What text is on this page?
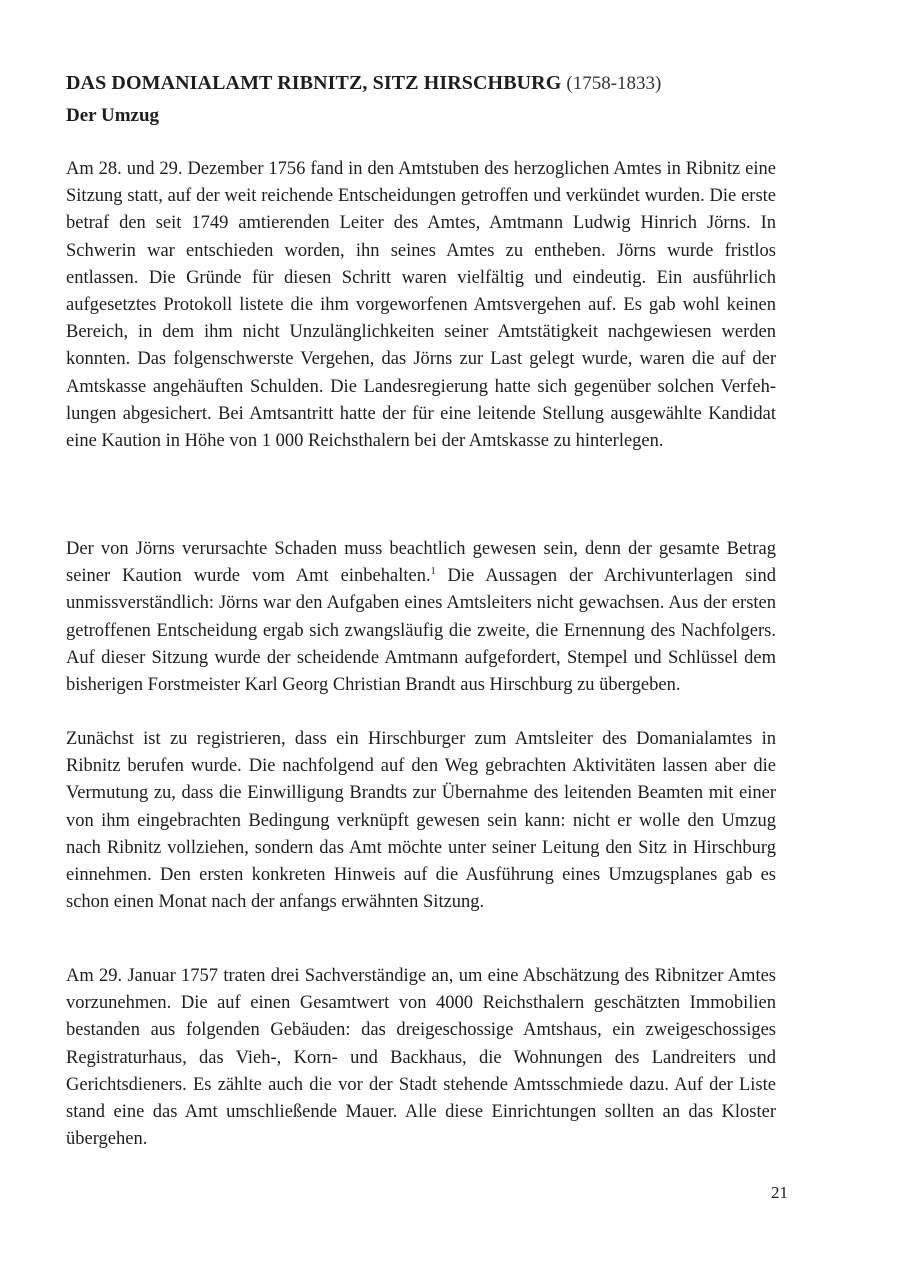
DAS DOMANIALAMT RIBNITZ, SITZ HIRSCHBURG (1758-1833)
Der Umzug

Am 28. und 29. Dezember 1756 fand in den Amtstuben des herzoglichen Amtes in Ribnitz eine Sitzung statt, auf der weit reichende Entscheidungen getroffen und verkündet wurden. Die erste betraf den seit 1749 amtierenden Leiter des Amtes, Amtmann Ludwig Hinrich Jörns. In Schwerin war entschieden worden, ihn seines Amtes zu entheben. Jörns wurde fristlos entlassen. Die Gründe für diesen Schritt waren vielfältig und eindeutig. Ein ausführlich aufgesetztes Protokoll listete die ihm vorgeworfenen Amtsvergehen auf. Es gab wohl keinen Bereich, in dem ihm nicht Unzulänglichkeiten seiner Amtstätigkeit nachgewiesen werden konnten. Das folgenschwerste Vergehen, das Jörns zur Last gelegt wurde, waren die auf der Amtskasse angehäuften Schulden. Die Landesregierung hatte sich gegenüber solchen Verfehlungen abgesichert. Bei Amtsantritt hatte der für eine leitende Stellung ausgewählte Kandidat eine Kaution in Höhe von 1 000 Reichsthalern bei der Amtskasse zu hinterlegen.

Der von Jörns verursachte Schaden muss beachtlich gewesen sein, denn der gesamte Betrag seiner Kaution wurde vom Amt einbehalten.$^1$ Die Aussagen der Archivunterlagen sind unmissverständlich: Jörns war den Aufgaben eines Amtsleiters nicht gewachsen. Aus der ersten getroffenen Entscheidung ergab sich zwangsläufig die zweite, die Ernennung des Nachfolgers. Auf dieser Sitzung wurde der scheidende Amtmann aufgefordert, Stempel und Schlüssel dem bisherigen Forstmeister Karl Georg Christian Brandt aus Hirschburg zu übergeben.

Zunächst ist zu registrieren, dass ein Hirschburger zum Amtsleiter des Domanialamtes in Ribnitz berufen wurde. Die nachfolgend auf den Weg gebrachten Aktivitäten lassen aber die Vermutung zu, dass die Einwilligung Brandts zur Übernahme des leitenden Beamten mit einer von ihm eingebrachten Bedingung verknüpft gewesen sein kann: nicht er wolle den Umzug nach Ribnitz vollziehen, sondern das Amt möchte unter seiner Leitung den Sitz in Hirschburg einnehmen. Den ersten konkreten Hinweis auf die Ausführung eines Umzugsplanes gab es schon einen Monat nach der anfangs erwähnten Sitzung.

Am 29. Januar 1757 traten drei Sachverständige an, um eine Abschätzung des Ribnitzer Amtes vorzunehmen. Die auf einen Gesamtwert von 4000 Reichsthalern geschätzten Immobilien bestanden aus folgenden Gebäuden: das dreigeschossige Amtshaus, ein zweigeschossiges Registraturhaus, das Vieh-, Korn- und Backhaus, die Wohnungen des Landreiters und Gerichtsdieners. Es zählte auch die vor der Stadt stehende Amtsschmiede dazu. Auf der Liste stand eine das Amt umschließende Mauer. Alle diese Einrichtungen sollten an das Kloster übergehen.

21
